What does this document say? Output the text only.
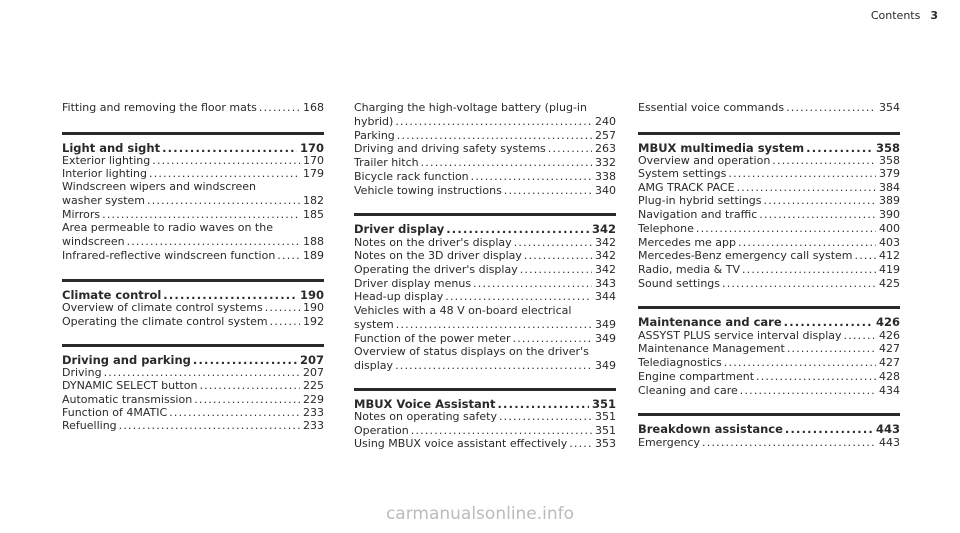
Contents 3
Fitting and removing the floor mats .....	168
Light and sight .....	170
Exterior lighting .....	170
Interior lighting .....	179
Windscreen wipers and windscreen
washer system .....	182
Mirrors .....	185
Area permeable to radio waves on the
windscreen .....	188
Infrared-reflective windscreen function .....	189
Climate control .....	190
Overview of climate control systems .....	190
Operating the climate control system .....	192
Driving and parking .....	207
Driving .....	207
DYNAMIC SELECT button .....	225
Automatic transmission .....	229
Function of 4MATIC .....	233
Refuelling .....	233
Charging the high-voltage battery (plug-in
hybrid) .....	240
Parking .....	257
Driving and driving safety systems .....	263
Trailer hitch .....	332
Bicycle rack function .....	338
Vehicle towing instructions .....	340
Driver display .....	342
Notes on the driver's display .....	342
Notes on the 3D driver display .....	342
Operating the driver's display .....	342
Driver display menus .....	343
Head-up display .....	344
Vehicles with a 48 V on-board electrical
system .....	349
Function of the power meter .....	349
Overview of status displays on the driver's
display .....	349
MBUX Voice Assistant .....	351
Notes on operating safety .....	351
Operation .....	351
Using MBUX voice assistant effectively .....	353
Essential voice commands .....	354
MBUX multimedia system .....	358
Overview and operation .....	358
System settings .....	379
AMG TRACK PACE .....	384
Plug-in hybrid settings .....	389
Navigation and traffic .....	390
Telephone .....	400
Mercedes me app .....	403
Mercedes-Benz emergency call system ..... 412
Radio, media & TV .....	419
Sound settings .....	425
Maintenance and care .....	426
ASSYST PLUS service interval display .....	426
Maintenance Management .....	427
Telediagnostics .....	427
Engine compartment .....	428
Cleaning and care .....	434
Breakdown assistance .....	443
Emergency .....	443
carmanualsonline.info
